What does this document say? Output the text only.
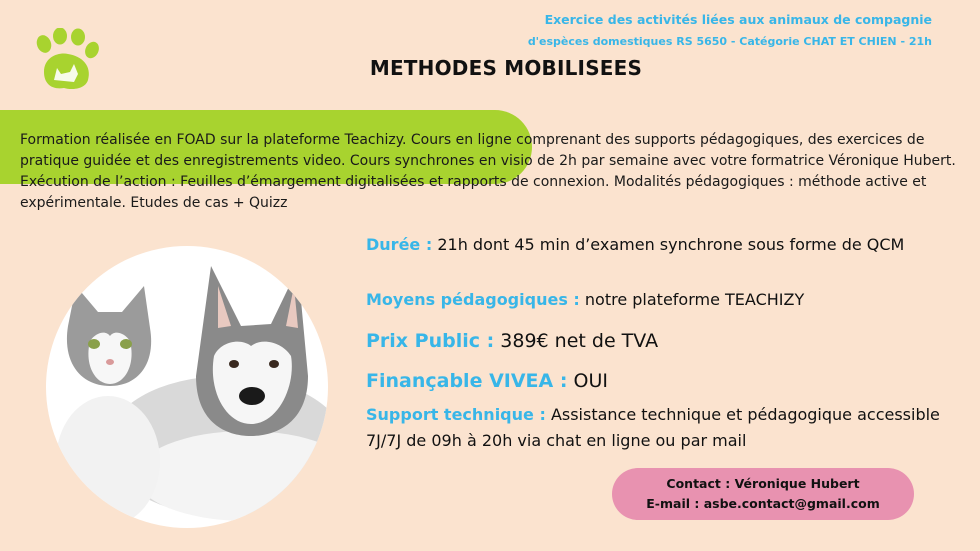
Exercice des activités liées aux animaux de compagnie
d'espèces domestiques RS 5650 - Catégorie CHAT ET CHIEN - 21h
METHODES MOBILISEES
Formation réalisée en FOAD sur la plateforme Teachizy. Cours en ligne comprenant des supports pédagogiques, des exercices de pratique guidée et des enregistrements video. Cours synchrones en visio de 2h par semaine avec votre formatrice Véronique Hubert. Exécution de l’action : Feuilles d’émargement digitalisées et rapports de connexion. Modalités pédagogiques : méthode active et expérimentale. Etudes de cas + Quizz
Durée : 21h dont 45 min d’examen synchrone sous forme de QCM
Moyens pédagogiques : notre plateforme TEACHIZY
Prix Public : 389€ net de TVA
Finançable VIVEA : OUI
Support technique : Assistance technique et pédagogique accessible 7J/7J de 09h à 20h via chat en ligne ou par mail
Contact : Véronique Hubert
E-mail : asbe.contact@gmail.com
